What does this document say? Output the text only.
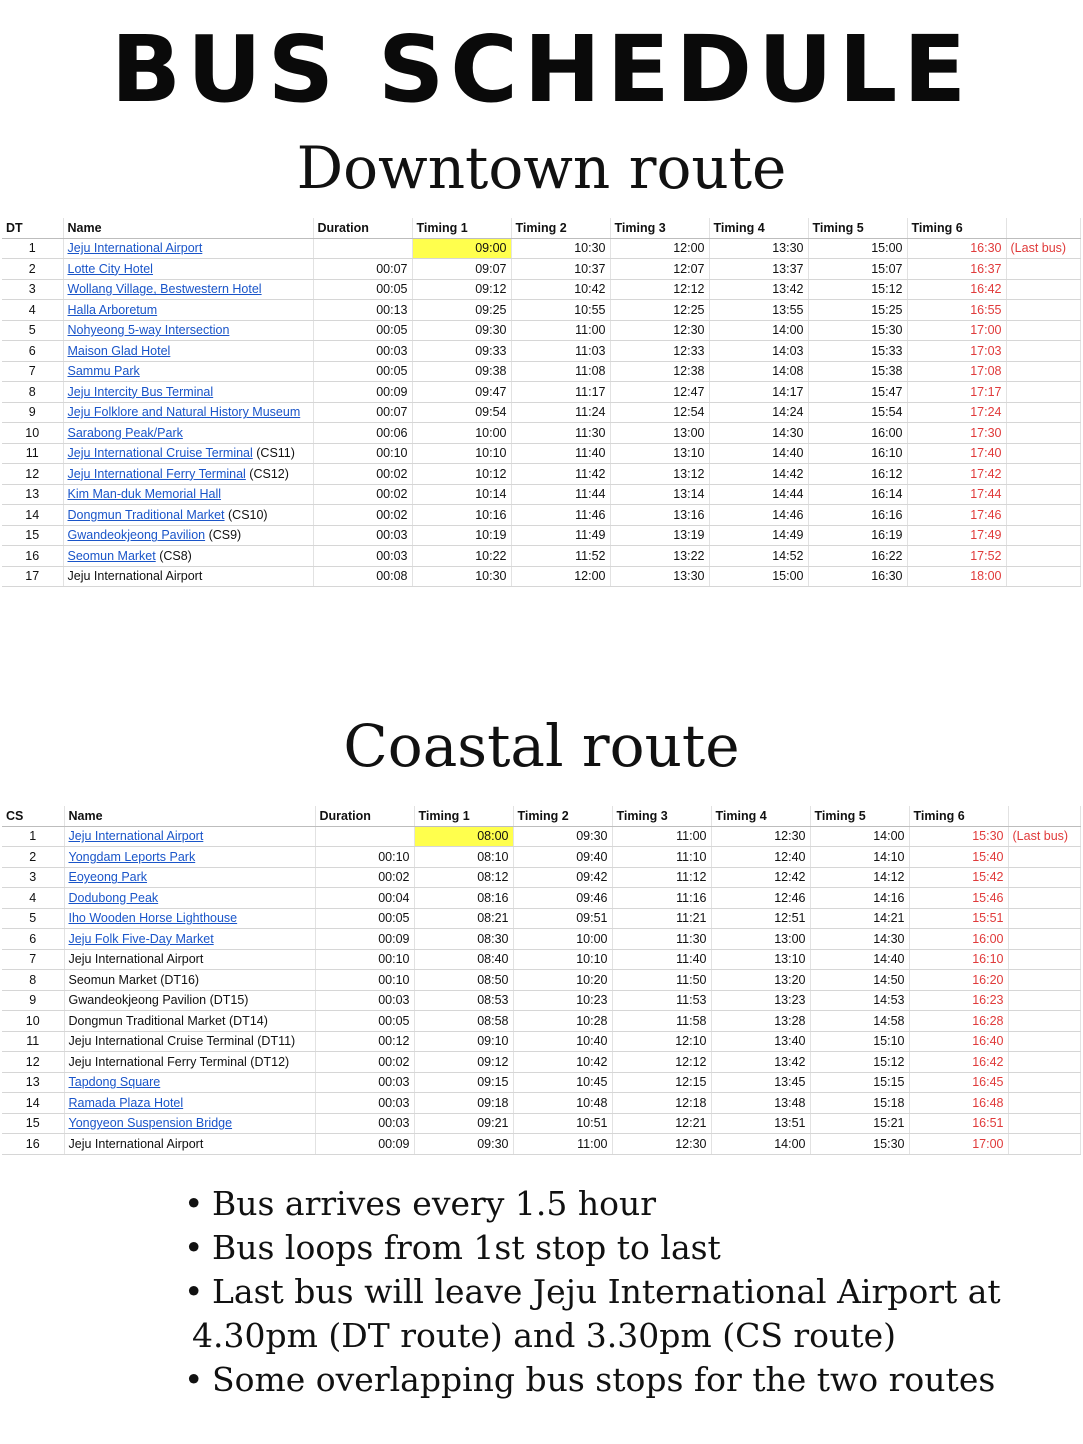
BUS SCHEDULE
Downtown route
DT	Name	Duration	Timing 1	Timing 2	Timing 3	Timing 4	Timing 5	Timing 6	
1	Jeju International Airport		09:00	10:30	12:00	13:30	15:00	16:30	(Last bus)
2	Lotte City Hotel	00:07	09:07	10:37	12:07	13:37	15:07	16:37	
3	Wollang Village, Bestwestern Hotel	00:05	09:12	10:42	12:12	13:42	15:12	16:42	
4	Halla Arboretum	00:13	09:25	10:55	12:25	13:55	15:25	16:55	
5	Nohyeong 5-way Intersection	00:05	09:30	11:00	12:30	14:00	15:30	17:00	
6	Maison Glad Hotel	00:03	09:33	11:03	12:33	14:03	15:33	17:03	
7	Sammu Park	00:05	09:38	11:08	12:38	14:08	15:38	17:08	
8	Jeju Intercity Bus Terminal	00:09	09:47	11:17	12:47	14:17	15:47	17:17	
9	Jeju Folklore and Natural History Museum	00:07	09:54	11:24	12:54	14:24	15:54	17:24	
10	Sarabong Peak/Park	00:06	10:00	11:30	13:00	14:30	16:00	17:30	
11	Jeju International Cruise Terminal (CS11)	00:10	10:10	11:40	13:10	14:40	16:10	17:40	
12	Jeju International Ferry Terminal (CS12)	00:02	10:12	11:42	13:12	14:42	16:12	17:42	
13	Kim Man-duk Memorial Hall	00:02	10:14	11:44	13:14	14:44	16:14	17:44	
14	Dongmun Traditional Market (CS10)	00:02	10:16	11:46	13:16	14:46	16:16	17:46	
15	Gwandeokjeong Pavilion (CS9)	00:03	10:19	11:49	13:19	14:49	16:19	17:49	
16	Seomun Market (CS8)	00:03	10:22	11:52	13:22	14:52	16:22	17:52	
17	Jeju International Airport	00:08	10:30	12:00	13:30	15:00	16:30	18:00	
Coastal route
CS	Name	Duration	Timing 1	Timing 2	Timing 3	Timing 4	Timing 5	Timing 6	
1	Jeju International Airport		08:00	09:30	11:00	12:30	14:00	15:30	(Last bus)
2	Yongdam Leports Park	00:10	08:10	09:40	11:10	12:40	14:10	15:40	
3	Eoyeong Park	00:02	08:12	09:42	11:12	12:42	14:12	15:42	
4	Dodubong Peak	00:04	08:16	09:46	11:16	12:46	14:16	15:46	
5	Iho Wooden Horse Lighthouse	00:05	08:21	09:51	11:21	12:51	14:21	15:51	
6	Jeju Folk Five-Day Market	00:09	08:30	10:00	11:30	13:00	14:30	16:00	
7	Jeju International Airport	00:10	08:40	10:10	11:40	13:10	14:40	16:10	
8	Seomun Market (DT16)	00:10	08:50	10:20	11:50	13:20	14:50	16:20	
9	Gwandeokjeong Pavilion (DT15)	00:03	08:53	10:23	11:53	13:23	14:53	16:23	
10	Dongmun Traditional Market (DT14)	00:05	08:58	10:28	11:58	13:28	14:58	16:28	
11	Jeju International Cruise Terminal (DT11)	00:12	09:10	10:40	12:10	13:40	15:10	16:40	
12	Jeju International Ferry Terminal (DT12)	00:02	09:12	10:42	12:12	13:42	15:12	16:42	
13	Tapdong Square	00:03	09:15	10:45	12:15	13:45	15:15	16:45	
14	Ramada Plaza Hotel	00:03	09:18	10:48	12:18	13:48	15:18	16:48	
15	Yongyeon Suspension Bridge	00:03	09:21	10:51	12:21	13:51	15:21	16:51	
16	Jeju International Airport	00:09	09:30	11:00	12:30	14:00	15:30	17:00	

• Bus arrives every 1.5 hour

• Bus loops from 1st stop to last

• Last bus will leave Jeju International Airport at

4.30pm (DT route) and 3.30pm (CS route)

• Some overlapping bus stops for the two routes
